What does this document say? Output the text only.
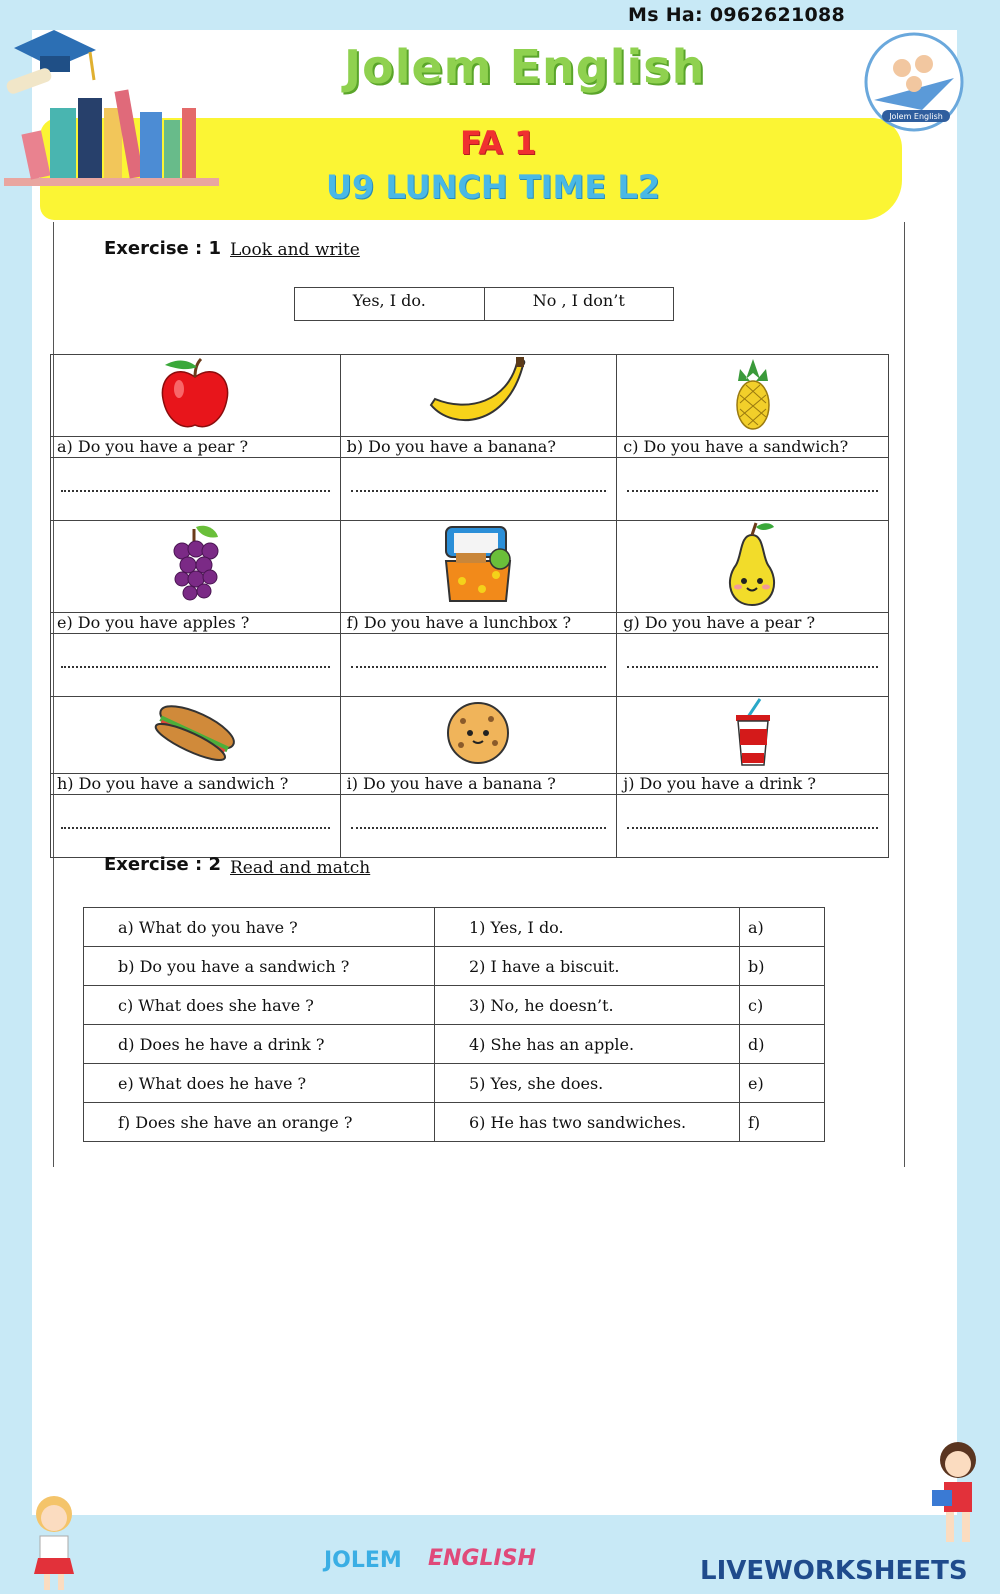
Ms Ha: 0962621088
Jolem English
FA 1
U9 LUNCH TIME L2
Jolem English
Exercise : 1 Look and write
Yes, I do.	No , I don’t

a) Do you have a pear ?	b) Do you have a banana?	c) Do you have a sandwich?

e) Do you have apples ?	f) Do you have a lunchbox ?	g) Do you have a pear ?

h) Do you have a sandwich ?	i) Do you have a banana ?	j) Do you have a drink ?

Exercise : 2 Read and match
a) What do you have ?	1) Yes, I do.	a)
b) Do you have a sandwich ?	2) I have a biscuit.	b)
c) What does she have ?	3) No, he doesn’t.	c)
d) Does he have a drink ?	4) She has an apple.	d)
e) What does he have ?	5) Yes, she does.	e)
f) Does she have an orange ?	6) He has two sandwiches.	f)
JOLEM ENGLISH	LIVEWORKSHEETS
